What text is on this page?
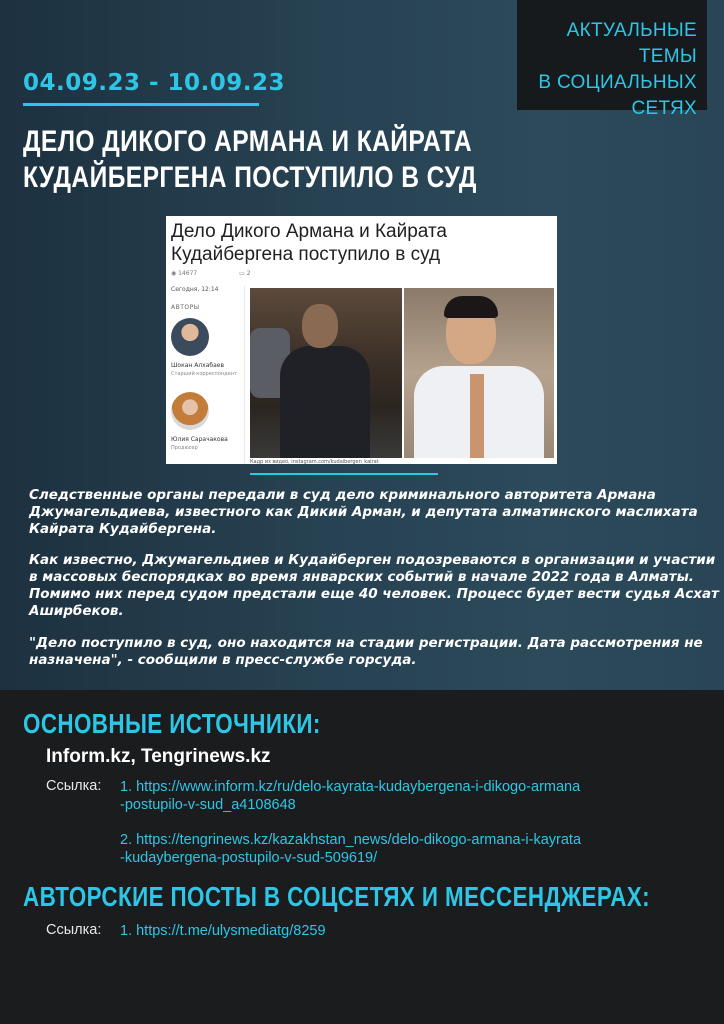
АКТУАЛЬНЫЕ ТЕМЫ
В СОЦИАЛЬНЫХ
СЕТЯХ
04.09.23 - 10.09.23
ДЕЛО ДИКОГО АРМАНА И КАЙРАТА КУДАЙБЕРГЕНА ПОСТУПИЛО В СУД
Дело Дикого Армана и Кайрата Кудайбергена поступило в суд
◉ 14677	▭ 2
Сегодня, 12:14
АВТОРЫ
Шокан Алхабаев
Старший корреспондент
Юлия Сарачакова
Продюсер
Кадр из видео, instagram.com/kudaibergen_kairat
Следственные органы передали в суд дело криминального авторитета Армана Джумагельдиева, известного как Дикий Арман, и депутата алматинского маслихата Кайрата Кудайбергена.
Как известно, Джумагельдиев и Кудайберген подозреваются в организации и участии в массовых беспорядках во время январских событий в начале 2022 года в Алматы. Помимо них перед судом предстали еще 40 человек. Процесс будет вести судья Асхат Аширбеков.
"Дело поступило в суд, оно находится на стадии регистрации. Дата рассмотрения не назначена", - сообщили в пресс-службе горсуда.
ОСНОВНЫЕ ИСТОЧНИКИ:
Inform.kz, Tengrinews.kz
Ссылка: 1. https://www.inform.kz/ru/delo-kayrata-kudaybergena-i-dikogo-armana
-postupilo-v-sud_a4108648
2. https://tengrinews.kz/kazakhstan_news/delo-dikogo-armana-i-kayrata
-kudaybergena-postupilo-v-sud-509619/
АВТОРСКИЕ ПОСТЫ В СОЦСЕТЯХ И МЕССЕНДЖЕРАХ:
Ссылка: 1. https://t.me/ulysmediatg/8259
